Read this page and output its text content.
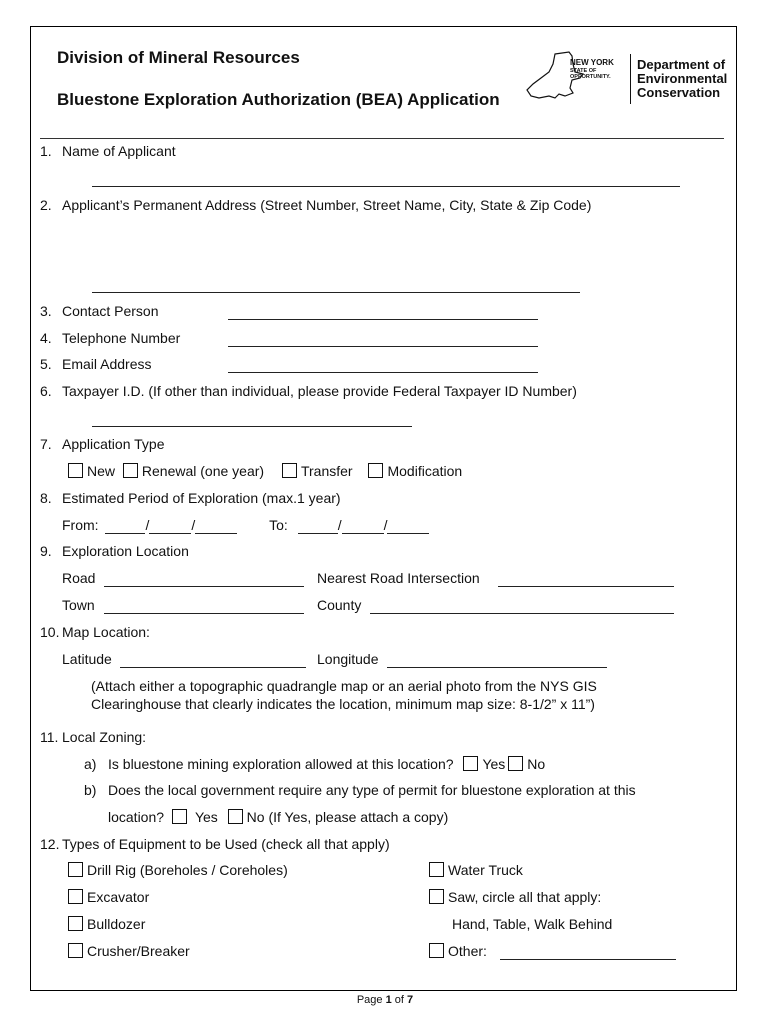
Division of Mineral Resources
Bluestone Exploration Authorization (BEA) Application
NEW YORK
STATE OF
OPPORTUNITY.
Department of
Environmental
Conservation
1. Name of Applicant
2. Applicant’s Permanent Address (Street Number, Street Name, City, State & Zip Code)
3. Contact Person
4. Telephone Number
5. Email Address
6. Taxpayer I.D. (If other than individual, please provide Federal Taxpayer ID Number)
7. Application Type
New Renewal (one year)	Transfer Modification
8. Estimated Period of Exploration (max.1 year)
From:	/	/	To:	/	/
9. Exploration Location
Road	Nearest Road Intersection
Town	County
10. Map Location:
Latitude	Longitude
(Attach either a topographic quadrangle map or an aerial photo from the NYS GIS
Clearinghouse that clearly indicates the location, minimum map size: 8-1/2” x 11”)
11. Local Zoning:
a) Is bluestone mining exploration allowed at this location? Yes No
b) Does the local government require any type of permit for bluestone exploration at this
location? Yes No (If Yes, please attach a copy)
12. Types of Equipment to be Used (check all that apply)
Drill Rig (Boreholes / Coreholes)
Excavator
Bulldozer
Crusher/Breaker
Water Truck
Saw, circle all that apply:
Hand, Table, Walk Behind
Other:
Page 1 of 7
